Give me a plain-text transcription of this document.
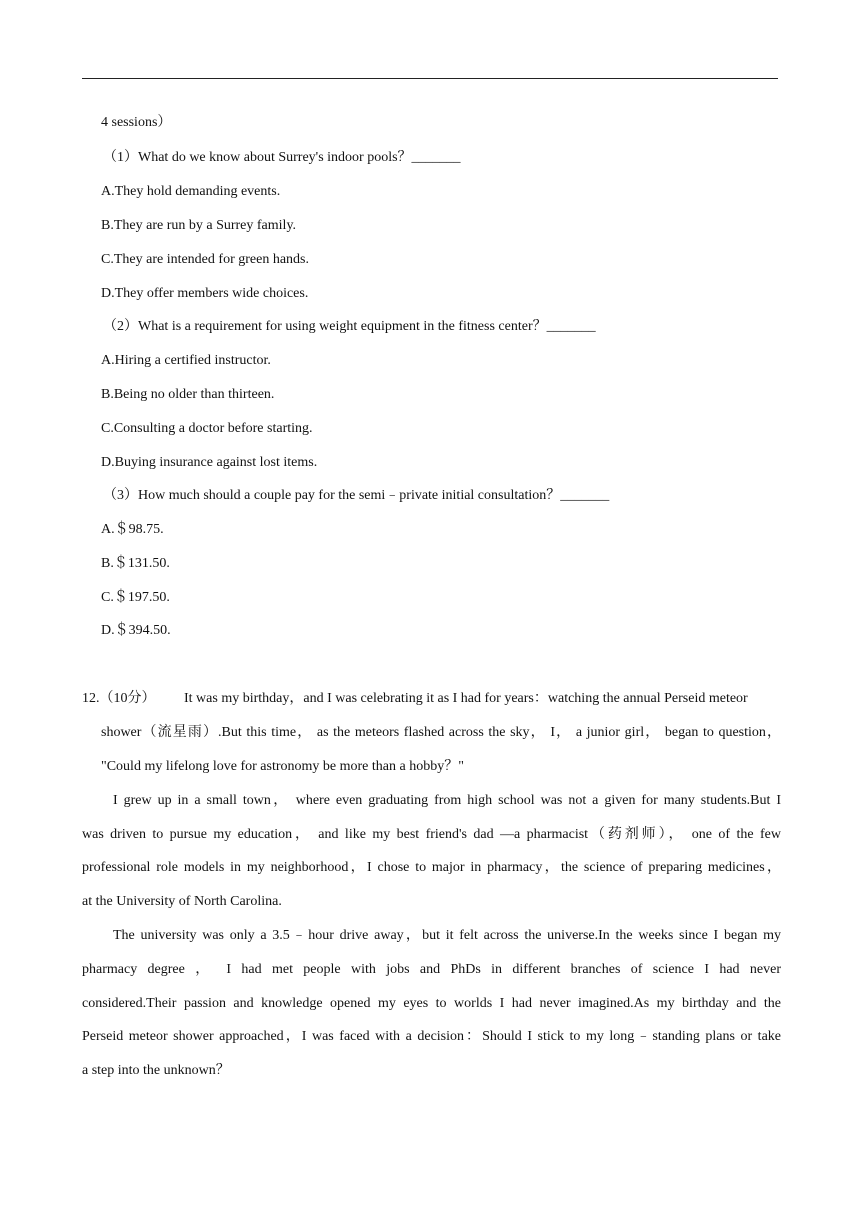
4 sessions）
（1）What do we know about Surrey's indoor pools？_______
A.They hold demanding events.
B.They are run by a Surrey family.
C.They are intended for green hands.
D.They offer members wide choices.
（2）What is a requirement for using weight equipment in the fitness center？_______
A.Hiring a certified instructor.
B.Being no older than thirteen.
C.Consulting a doctor before starting.
D.Buying insurance against lost items.
（3）How much should a couple pay for the semi﹣private initial consultation？_______
A.＄98.75.
B.＄131.50.
C.＄197.50.
D.＄394.50.
12.（10分） It was my birthday，and I was celebrating it as I had for years：watching the annual Perseid meteor
shower（流星雨）.But this time， as the meteors flashed across the sky， I， a junior girl， began to question，
"Could my lifelong love for astronomy be more than a hobby？"
I grew up in a small town， where even graduating from high school was not a given for many students.But I
was driven to pursue my education， and like my best friend's dad —a pharmacist（药剂师）， one of the few
professional role models in my neighborhood，I chose to major in pharmacy，the science of preparing medicines，
at the University of North Carolina.
The university was only a 3.5﹣hour drive away，but it felt across the universe.In the weeks since I began my
pharmacy degree ， I had met people with jobs and PhDs in different branches of science I had never
considered.Their passion and knowledge opened my eyes to worlds I had never imagined.As my birthday and the
Perseid meteor shower approached，I was faced with a decision：Should I stick to my long﹣standing plans or take
a step into the unknown？
